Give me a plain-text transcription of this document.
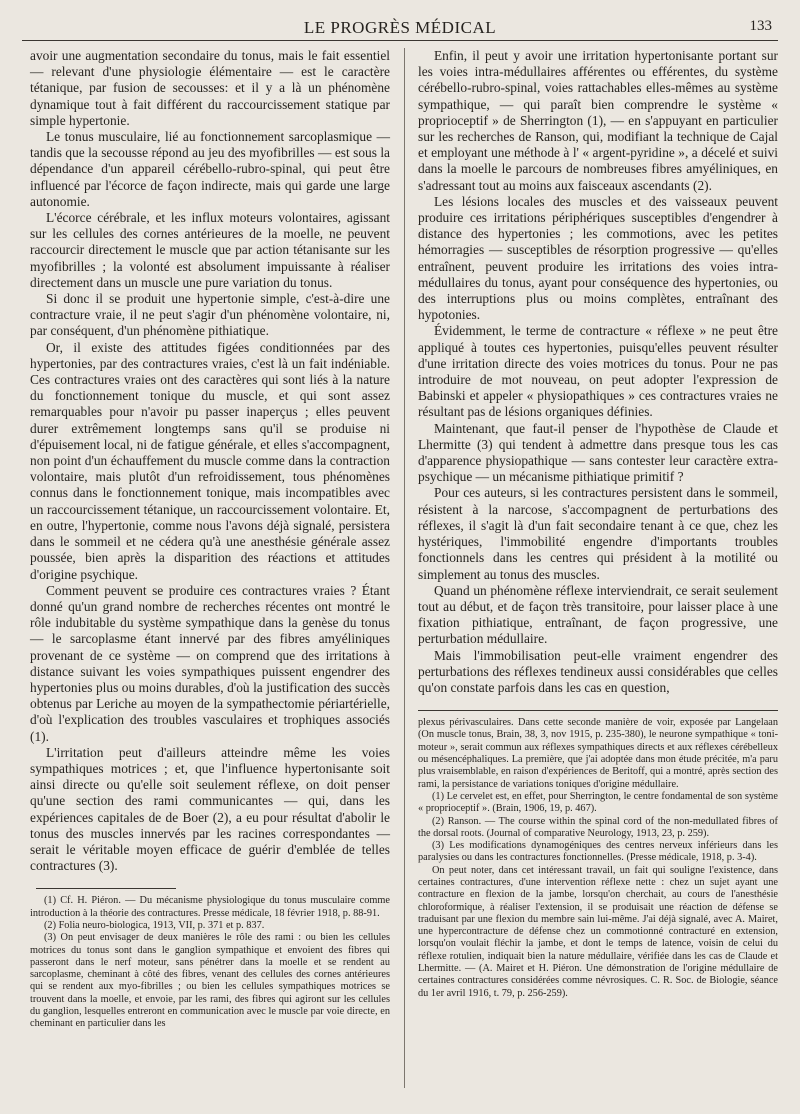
LE PROGRÈS MÉDICAL	133

avoir une augmentation secondaire du tonus, mais le fait essentiel — relevant d'une physiologie élémentaire — est le caractère tétanique, par fusion de secousses: et il y a là un phénomène dynamique tout à fait différent du raccourcissement statique par simple hypertonie.

Le tonus musculaire, lié au fonctionnement sarcoplasmique — tandis que la secousse répond au jeu des myofibrilles — est sous la dépendance d'un appareil cérébello-rubro-spinal, qui peut être influencé par l'écorce de façon indirecte, mais qui garde une large autonomie.

L'écorce cérébrale, et les influx moteurs volontaires, agissant sur les cellules des cornes antérieures de la moelle, ne peuvent raccourcir directement le muscle que par action tétanisante sur les myofibrilles ; la volonté est absolument impuissante à réaliser directement dans un muscle une pure variation du tonus.

Si donc il se produit une hypertonie simple, c'est-à-dire une contracture vraie, il ne peut s'agir d'un phénomène volontaire, ni, par conséquent, d'un phénomène pithiatique.

Or, il existe des attitudes figées conditionnées par des hypertonies, par des contractures vraies, c'est là un fait indéniable. Ces contractures vraies ont des caractères qui sont liés à la nature du fonctionnement tonique du muscle, et qui sont assez remarquables pour n'avoir pu passer inaperçus ; elles peuvent durer extrêmement longtemps sans qu'il se produise ni d'épuisement local, ni de fatigue générale, et elles s'accompagnent, non point d'un échauffement du muscle comme dans la contraction volontaire, mais plutôt d'un refroidissement, tous phénomènes connus dans le fonctionnement tonique, mais incompatibles avec un raccourcissement tétanique, un raccourcissement volontaire. Et, en outre, l'hypertonie, comme nous l'avons déjà signalé, persistera dans le sommeil et ne cédera qu'à une anesthésie générale assez poussée, bien après la disparition des réactions et attitudes d'origine psychique.

Comment peuvent se produire ces contractures vraies ? Étant donné qu'un grand nombre de recherches récentes ont montré le rôle indubitable du système sympathique dans la genèse du tonus — le sarcoplasme étant innervé par des fibres amyéliniques provenant de ce système — on comprend que des irritations à distance suivant les voies sympathiques puissent engendrer des hypertonies plus ou moins durables, d'où la justification des succès obtenus par Leriche au moyen de la sympathectomie périartérielle, d'où l'explication des troubles vasculaires et trophiques associés (1).

L'irritation peut d'ailleurs atteindre même les voies sympathiques motrices ; et, que l'influence hypertonisante soit ainsi directe ou qu'elle soit seulement réflexe, on doit penser qu'une section des rami communicantes — qui, dans les expériences capitales de de Boer (2), a eu pour résultat d'abolir le tonus des muscles innervés par les racines correspondantes — serait le véritable moyen efficace de guérir d'emblée de telles contractures (3).

(1) Cf. H. Piéron. — Du mécanisme physiologique du tonus musculaire comme introduction à la théorie des contractures. Presse médicale, 18 février 1918, p. 88-91.

(2) Folia neuro-biologica, 1913, VII, p. 371 et p. 837.

(3) On peut envisager de deux manières le rôle des rami : ou bien les cellules motrices du tonus sont dans le ganglion sympathique et envoient des fibres qui passeront dans le nerf moteur, sans pénétrer dans la moelle et se rendent au sarcoplasme, cheminant à côté des fibres, venant des cellules des cornes antérieures qui se rendent aux myo-fibrilles ; ou bien les cellules sympathiques motrices se trouvent dans la moelle, et envoie, par les rami, des fibres qui agiront sur les cellules du ganglion, lesquelles entreront en communication avec le muscle par voie directe, en cheminant en particulier dans les

Enfin, il peut y avoir une irritation hypertonisante portant sur les voies intra-médullaires afférentes ou efférentes, du système cérébello-rubro-spinal, voies rattachables elles-mêmes au système sympathique, — qui paraît bien comprendre le système « proprioceptif » de Sherrington (1), — en s'appuyant en particulier sur les recherches de Ranson, qui, modifiant la technique de Cajal et employant une méthode à l' « argent-pyridine », a décelé et suivi dans la moelle le parcours de nombreuses fibres amyéliniques, en s'adressant tout au moins aux faisceaux ascendants (2).

Les lésions locales des muscles et des vaisseaux peuvent produire ces irritations périphériques susceptibles d'engendrer à distance des hypertonies ; les commotions, avec les petites hémorragies — susceptibles de résorption progressive — qu'elles entraînent, peuvent produire les irritations des voies intra-médullaires du tonus, ayant pour conséquence des hypertonies, ou des interruptions plus ou moins complètes, entraînant des hypotonies.

Évidemment, le terme de contracture « réflexe » ne peut être appliqué à toutes ces hypertonies, puisqu'elles peuvent résulter d'une irritation directe des voies motrices du tonus. Pour ne pas introduire de mot nouveau, on peut adopter l'expression de Babinski et appeler « physiopathiques » ces contractures vraies ne résultant pas de lésions organiques définies.

Maintenant, que faut-il penser de l'hypothèse de Claude et Lhermitte (3) qui tendent à admettre dans presque tous les cas d'apparence physiopathique — sans contester leur caractère extra-psychique — un mécanisme pithiatique primitif ?

Pour ces auteurs, si les contractures persistent dans le sommeil, résistent à la narcose, s'accompagnent de perturbations des réflexes, il s'agit là d'un fait secondaire tenant à ce que, chez les hystériques, l'immobilité engendre d'importants troubles fonctionnels dans les centres qui président à la motilité ou simplement au tonus des muscles.

Quand un phénomène réflexe interviendrait, ce serait seulement tout au début, et de façon très transitoire, pour laisser place à une fixation pithiatique, entraînant, de façon progressive, une perturbation médullaire.

Mais l'immobilisation peut-elle vraiment engendrer des perturbations des réflexes tendineux aussi considérables que celles qu'on constate parfois dans les cas en question,

plexus périvasculaires. Dans cette seconde manière de voir, exposée par Langelaan (On muscle tonus, Brain, 38, 3, nov 1915, p. 235-380), le neurone sympathique « toni-moteur », serait commun aux réflexes sympathiques directs et aux réflexes cérébelleux ou mésencéphaliques. La première, que j'ai adoptée dans mon étude précitée, m'a paru plus vraisemblable, en raison d'expériences de Beritoff, qui a montré, après section des rami, la persistance de variations toniques d'origine médullaire.

(1) Le cervelet est, en effet, pour Sherrington, le centre fondamental de son système « proprioceptif ». (Brain, 1906, 19, p. 467).

(2) Ranson. — The course within the spinal cord of the non-medullated fibres of the dorsal roots. (Journal of comparative Neurology, 1913, 23, p. 259).

(3) Les modifications dynamogéniques des centres nerveux inférieurs dans les paralysies ou dans les contractures fonctionnelles. (Presse médicale, 1918, p. 3-4).

On peut noter, dans cet intéressant travail, un fait qui souligne l'existence, dans certaines contractures, d'une intervention réflexe nette : chez un sujet ayant une contracture en flexion de la jambe, lorsqu'on cherchait, au cours de l'anesthésie chloroformique, à réaliser l'extension, il se produisait une réaction de défense se traduisant par une flexion du membre sain lui-même. J'ai déjà signalé, avec A. Mairet, une hypercontracture de défense chez un commotionné contracturé en extension, lorsqu'on voulait fléchir la jambe, et dont le temps de latence, voisin de celui du réflexe rotulien, indiquait bien la nature médullaire, vérifiée dans les cas de Claude et Lhermitte. — (A. Mairet et H. Piéron. Une démonstration de l'origine médullaire de certaines contractures considérées comme névrosiques. C. R. Soc. de Biologie, séance du 1er avril 1916, t. 79, p. 256-259).
